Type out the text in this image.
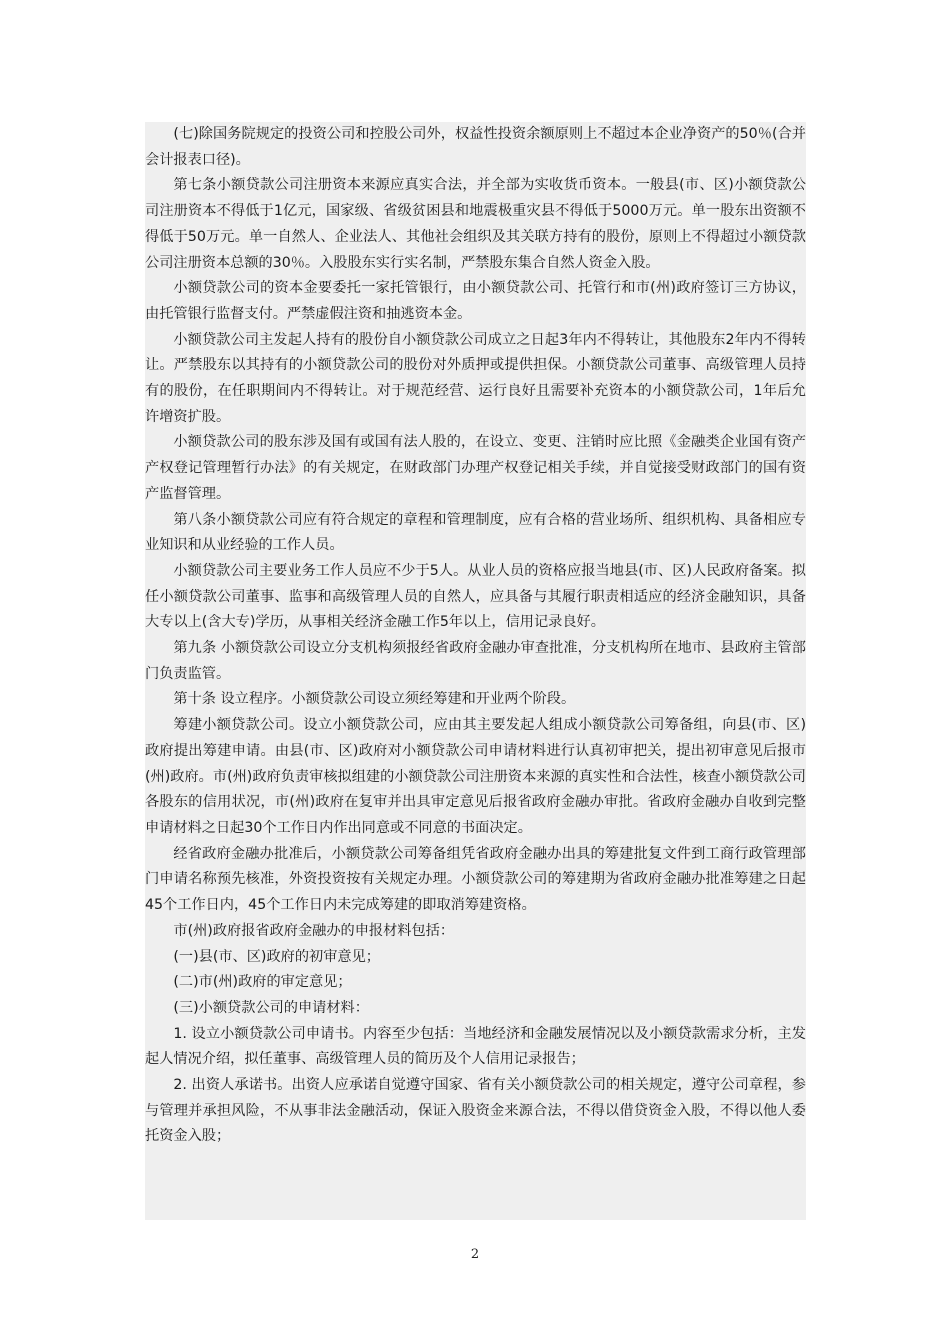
(七)除国务院规定的投资公司和控股公司外，权益性投资余额原则上不超过本企业净资产的50％(合并会计报表口径)。

第七条小额贷款公司注册资本来源应真实合法，并全部为实收货币资本。一般县(市、区)小额贷款公司注册资本不得低于1亿元，国家级、省级贫困县和地震极重灾县不得低于5000万元。单一股东出资额不得低于50万元。单一自然人、企业法人、其他社会组织及其关联方持有的股份，原则上不得超过小额贷款公司注册资本总额的30％。入股股东实行实名制，严禁股东集合自然人资金入股。

小额贷款公司的资本金要委托一家托管银行，由小额贷款公司、托管行和市(州)政府签订三方协议，由托管银行监督支付。严禁虚假注资和抽逃资本金。

小额贷款公司主发起人持有的股份自小额贷款公司成立之日起3年内不得转让，其他股东2年内不得转让。严禁股东以其持有的小额贷款公司的股份对外质押或提供担保。小额贷款公司董事、高级管理人员持有的股份，在任职期间内不得转让。对于规范经营、运行良好且需要补充资本的小额贷款公司，1年后允许增资扩股。

小额贷款公司的股东涉及国有或国有法人股的，在设立、变更、注销时应比照《金融类企业国有资产产权登记管理暂行办法》的有关规定，在财政部门办理产权登记相关手续，并自觉接受财政部门的国有资产监督管理。

第八条小额贷款公司应有符合规定的章程和管理制度，应有合格的营业场所、组织机构、具备相应专业知识和从业经验的工作人员。

小额贷款公司主要业务工作人员应不少于5人。从业人员的资格应报当地县(市、区)人民政府备案。拟任小额贷款公司董事、监事和高级管理人员的自然人，应具备与其履行职责相适应的经济金融知识，具备大专以上(含大专)学历，从事相关经济金融工作5年以上，信用记录良好。

第九条 小额贷款公司设立分支机构须报经省政府金融办审查批准，分支机构所在地市、县政府主管部门负责监管。

第十条 设立程序。小额贷款公司设立须经筹建和开业两个阶段。

筹建小额贷款公司。设立小额贷款公司，应由其主要发起人组成小额贷款公司筹备组，向县(市、区)政府提出筹建申请。由县(市、区)政府对小额贷款公司申请材料进行认真初审把关，提出初审意见后报市(州)政府。市(州)政府负责审核拟组建的小额贷款公司注册资本来源的真实性和合法性，核查小额贷款公司各股东的信用状况，市(州)政府在复审并出具审定意见后报省政府金融办审批。省政府金融办自收到完整申请材料之日起30个工作日内作出同意或不同意的书面决定。

经省政府金融办批准后，小额贷款公司筹备组凭省政府金融办出具的筹建批复文件到工商行政管理部门申请名称预先核准，外资投资按有关规定办理。小额贷款公司的筹建期为省政府金融办批准筹建之日起45个工作日内，45个工作日内未完成筹建的即取消筹建资格。

市(州)政府报省政府金融办的申报材料包括：

(一)县(市、区)政府的初审意见；

(二)市(州)政府的审定意见；

(三)小额贷款公司的申请材料：

1. 设立小额贷款公司申请书。内容至少包括：当地经济和金融发展情况以及小额贷款需求分析，主发起人情况介绍，拟任董事、高级管理人员的简历及个人信用记录报告；

2. 出资人承诺书。出资人应承诺自觉遵守国家、省有关小额贷款公司的相关规定，遵守公司章程，参与管理并承担风险，不从事非法金融活动，保证入股资金来源合法，不得以借贷资金入股，不得以他人委托资金入股；

2
